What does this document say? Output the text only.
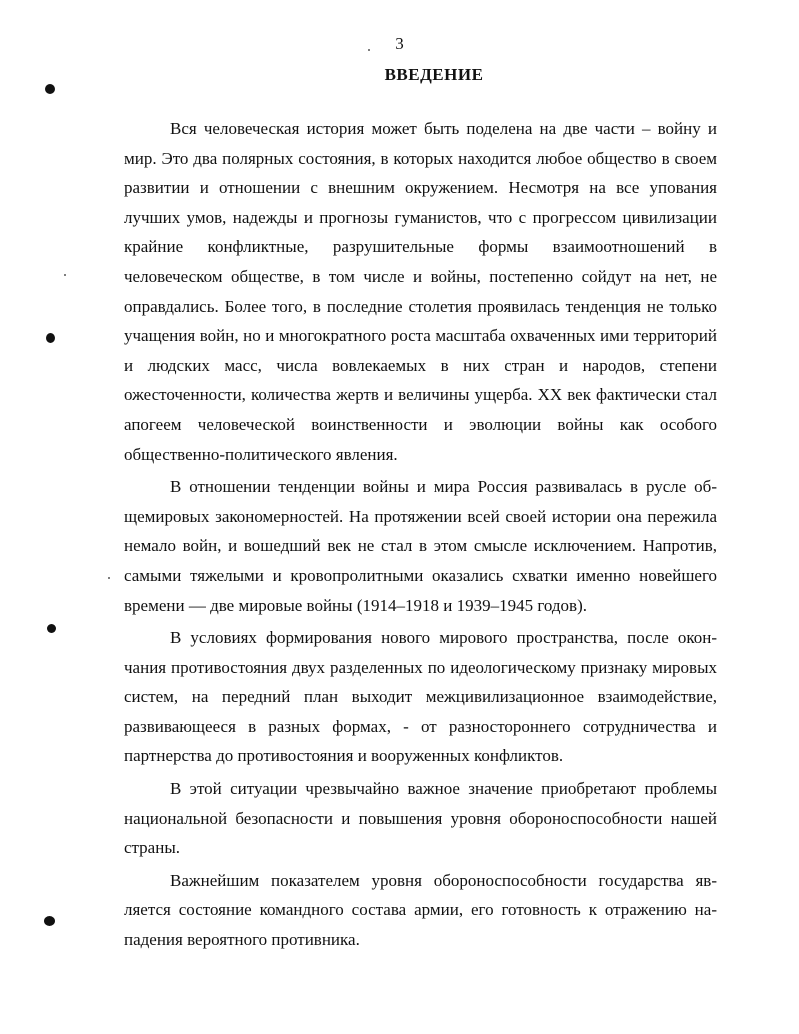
3
ВВЕДЕНИЕ

Вся человеческая история может быть поделена на две части – войну и мир. Это два полярных состояния, в которых находится любое общество в своем развитии и отношении с внешним окружением. Несмотря на все упования лучших умов, надежды и прогнозы гуманистов, что с прогрессом цивилизации крайние конфликтные, разрушительные формы взаимоотношений в человеческом обществе, в том числе и войны, постепенно сойдут на нет, не оправдались. Более того, в последние столетия проявилась тенденция не только учащения войн, но и многократного роста масштаба охваченных ими территорий и людских масс, числа вовлекаемых в них стран и народов, степени ожесточенности, количества жертв и величины ущерба. XX век фактически стал апогеем человеческой воинственности и эволюции войны как особого общественно-политического явления.

В отношении тенденции войны и мира Россия развивалась в русле общемировых закономерностей. На протяжении всей своей истории она пережила немало войн, и вошедший век не стал в этом смысле исключением. Напротив, самыми тяжелыми и кровопролитными оказались схватки именно новейшего времени — две мировые войны (1914–1918 и 1939–1945 годов).

В условиях формирования нового мирового пространства, после окончания противостояния двух разделенных по идеологическому признаку мировых систем, на передний план выходит межцивилизационное взаимодействие, развивающееся в разных формах, - от разностороннего сотрудничества и партнерства до противостояния и вооруженных конфликтов.

В этой ситуации чрезвычайно важное значение приобретают проблемы национальной безопасности и повышения уровня обороноспособности нашей страны.

Важнейшим показателем уровня обороноспособности государства является состояние командного состава армии, его готовность к отражению нападения вероятного противника.
